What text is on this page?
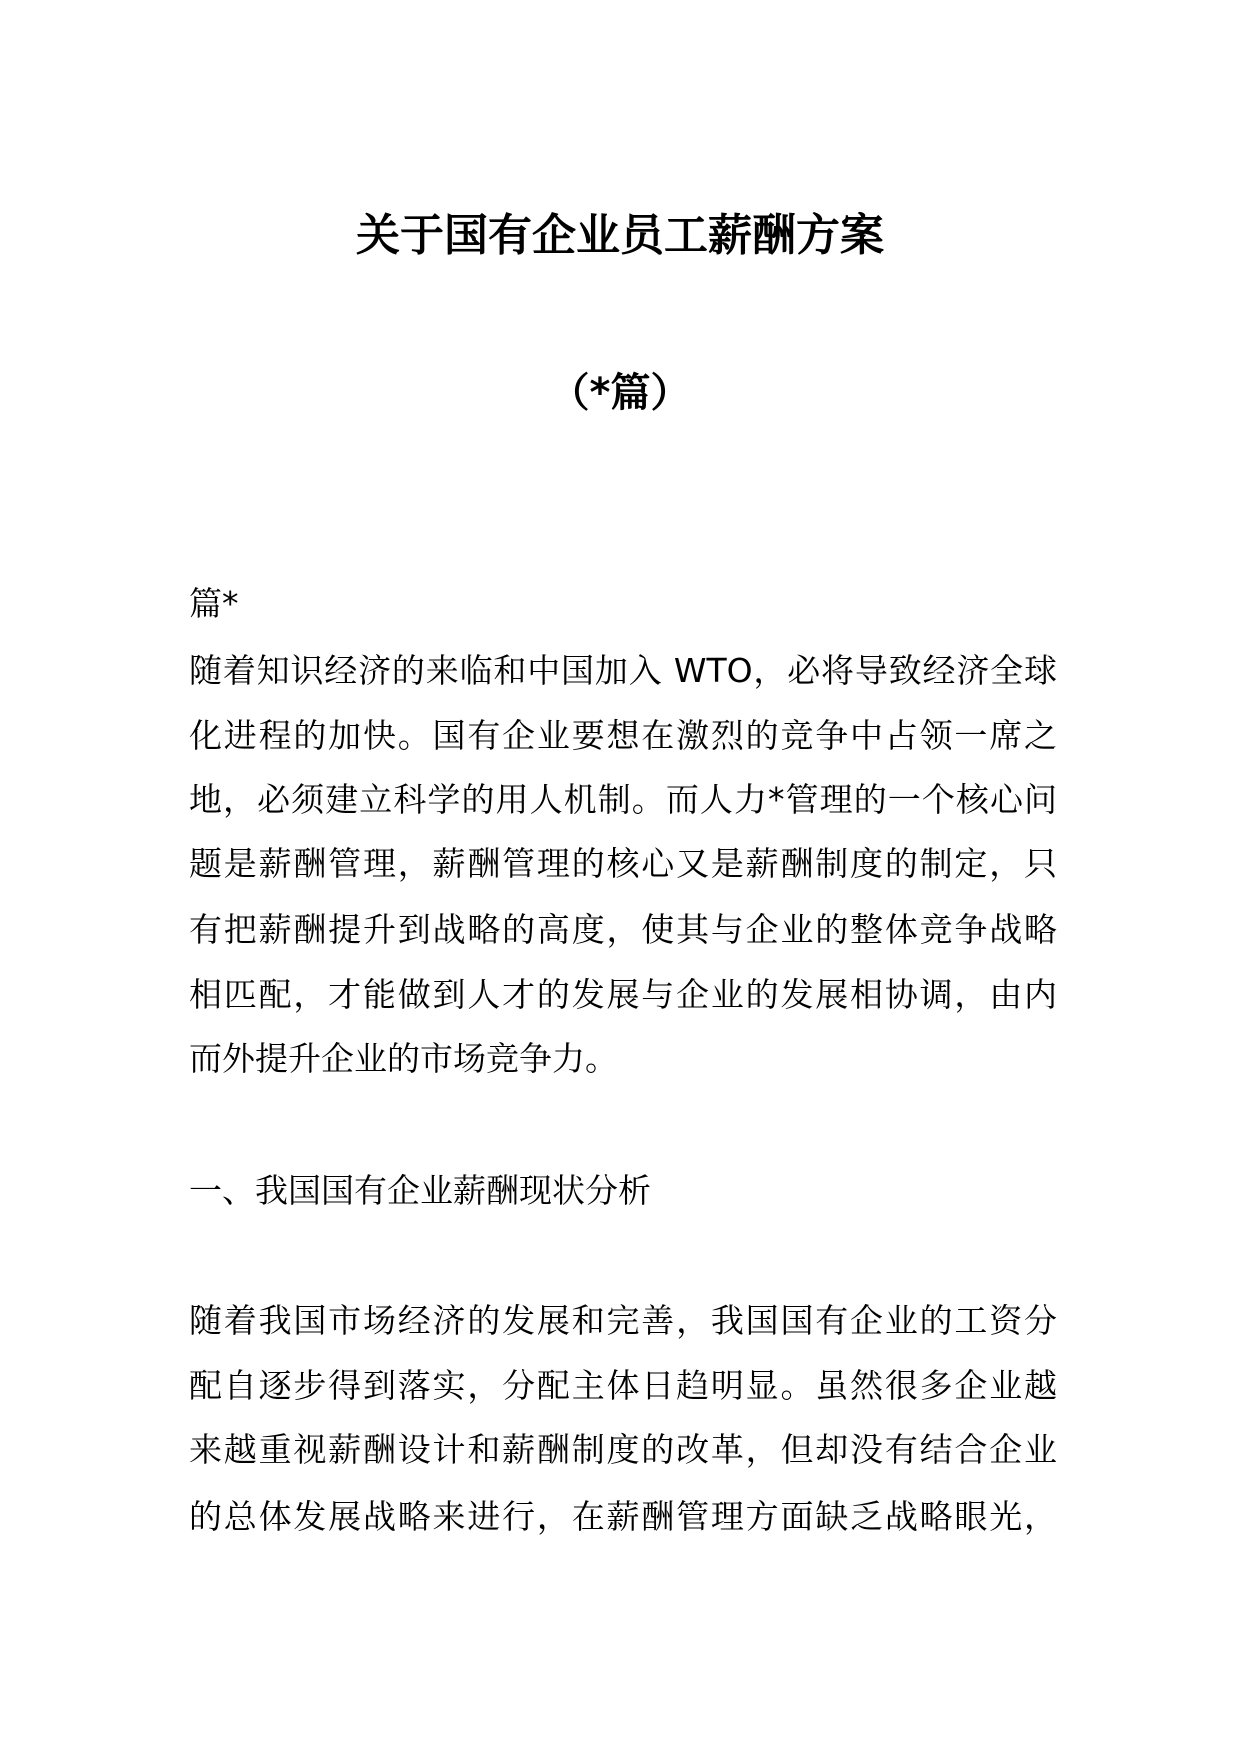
关于国有企业员工薪酬方案
（*篇）
篇*
随着知识经济的来临和中国加入 WTO，必将导致经济全球
化进程的加快。国有企业要想在激烈的竞争中占领一席之
地，必须建立科学的用人机制。而人力*管理的一个核心问
题是薪酬管理，薪酬管理的核心又是薪酬制度的制定，只
有把薪酬提升到战略的高度，使其与企业的整体竞争战略
相匹配，才能做到人才的发展与企业的发展相协调，由内
而外提升企业的市场竞争力。
一、我国国有企业薪酬现状分析
随着我国市场经济的发展和完善，我国国有企业的工资分
配自逐步得到落实，分配主体日趋明显。虽然很多企业越
来越重视薪酬设计和薪酬制度的改革，但却没有结合企业
的总体发展战略来进行，在薪酬管理方面缺乏战略眼光，
